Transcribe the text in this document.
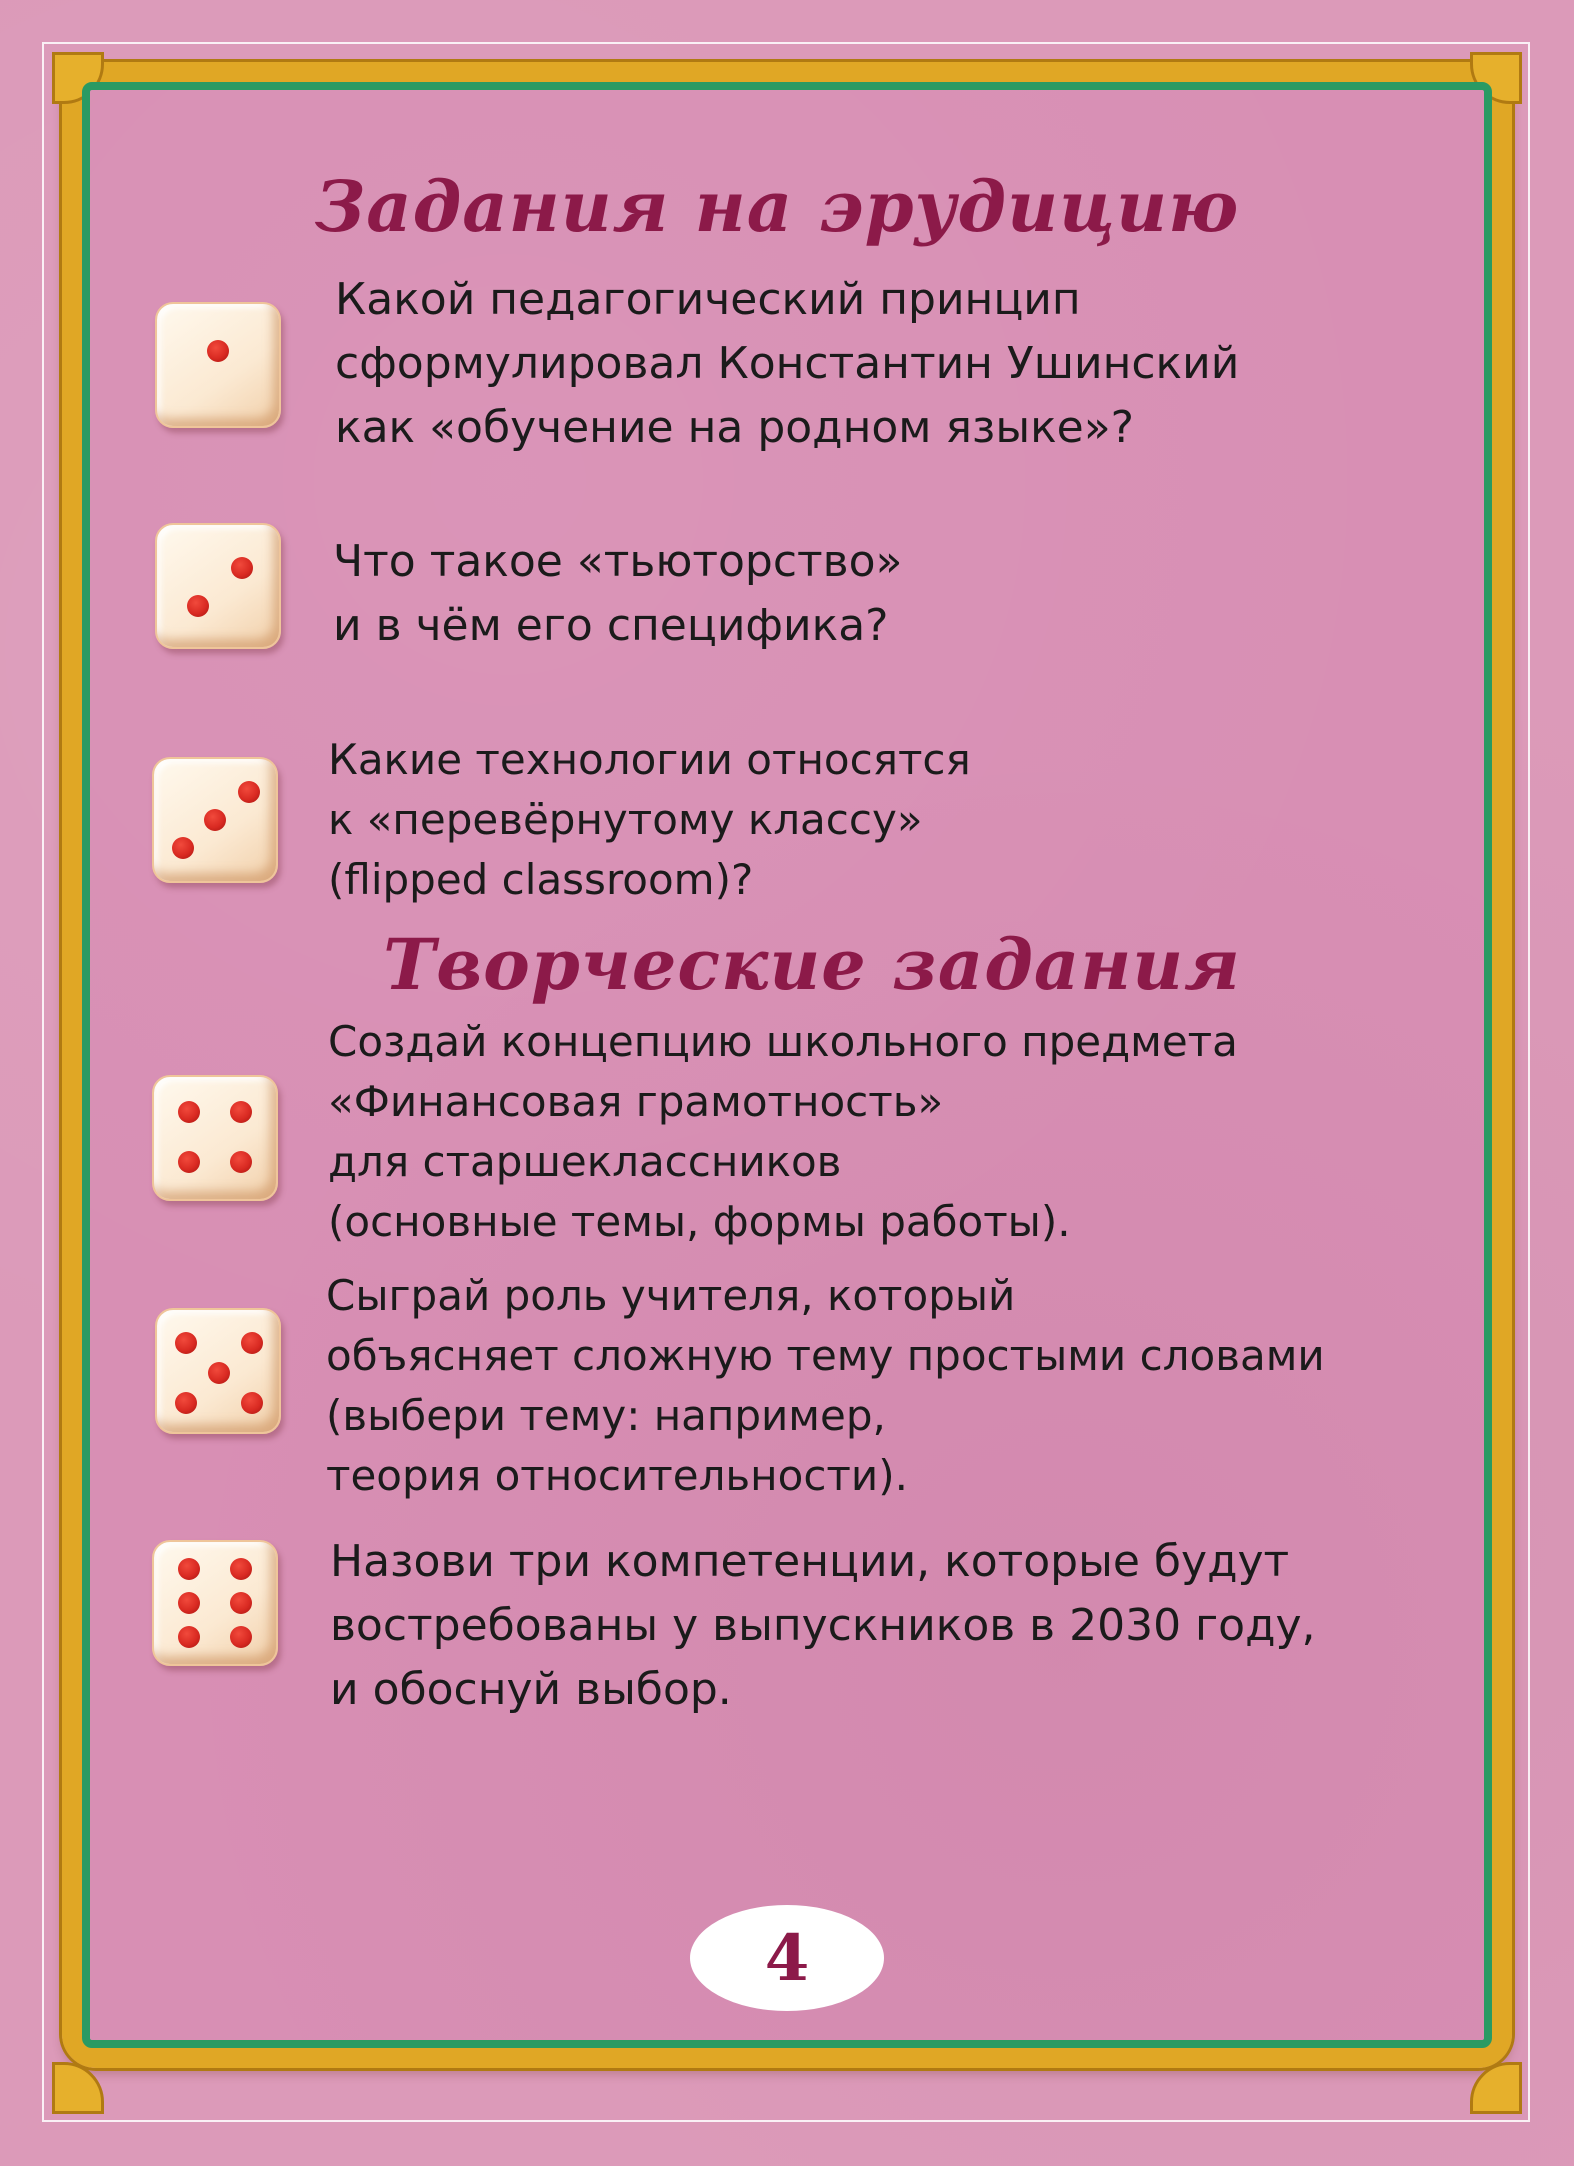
Задания на эрудицию
Какой педагогический принцип
сформулировал Константин Ушинский
как «обучение на родном языке»?
Что такое «тьюторство»
и в чём его специфика?
Какие технологии относятся
к «перевёрнутому классу»
(flipped classroom)?
Творческие задания
Создай концепцию школьного предмета
«Финансовая грамотность»
для старшеклассников
(основные темы, формы работы).
Сыграй роль учителя, который
объясняет сложную тему простыми словами
(выбери тему: например,
теория относительности).
Назови три компетенции, которые будут
востребованы у выпускников в 2030 году,
и обоснуй выбор.
4
